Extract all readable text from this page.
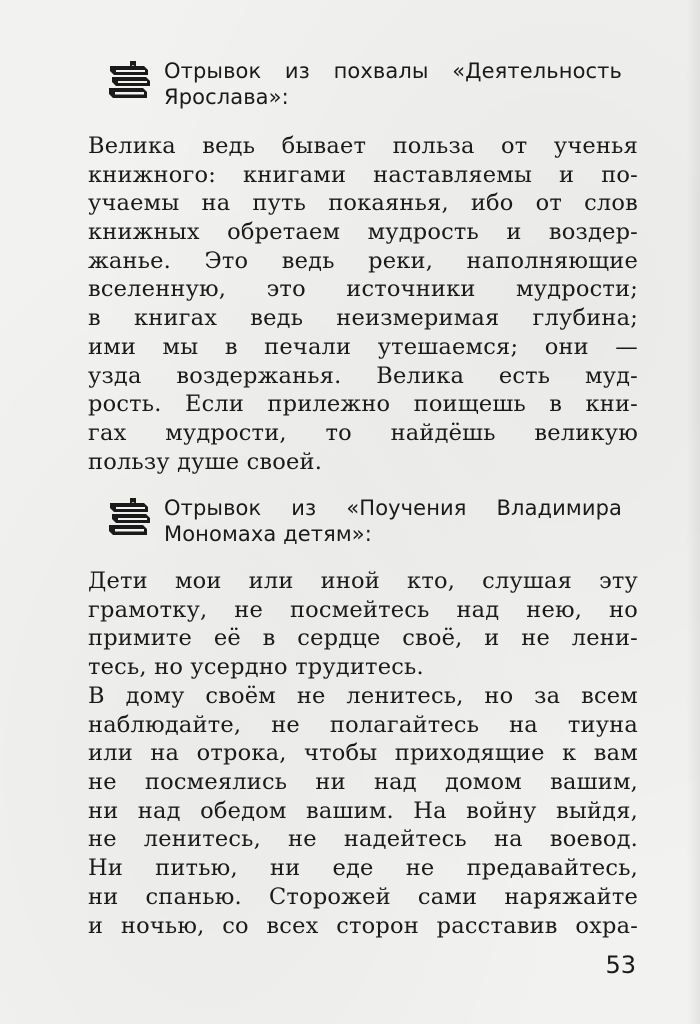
Отрывок из похвалы «Деятельность Ярослава»:
Велика ведь бывает польза от ученья
книжного: книгами наставляемы и по-
учаемы на путь покаянья, ибо от слов
книжных обретаем мудрость и воздер-
жанье. Это ведь реки, наполняющие
вселенную, это источники мудрости;
в книгах ведь неизмеримая глубина;
ими мы в печали утешаемся; они —
узда воздержанья. Велика есть муд-
рость. Если прилежно поищешь в кни-
гах мудрости, то найдёшь великую
пользу душе своей.
Отрывок из «Поучения Владимира Мономаха детям»:
Дети мои или иной кто, слушая эту
грамотку, не посмейтесь над нею, но
примите её в сердце своё, и не лени-
тесь, но усердно трудитесь.
В дому своём не ленитесь, но за всем
наблюдайте, не полагайтесь на тиуна
или на отрока, чтобы приходящие к вам
не посмеялись ни над домом вашим,
ни над обедом вашим. На войну выйдя,
не ленитесь, не надейтесь на воевод.
Ни питью, ни еде не предавайтесь,
ни спанью. Сторожей сами наряжайте
и ночью, со всех сторон расставив охра-
53
